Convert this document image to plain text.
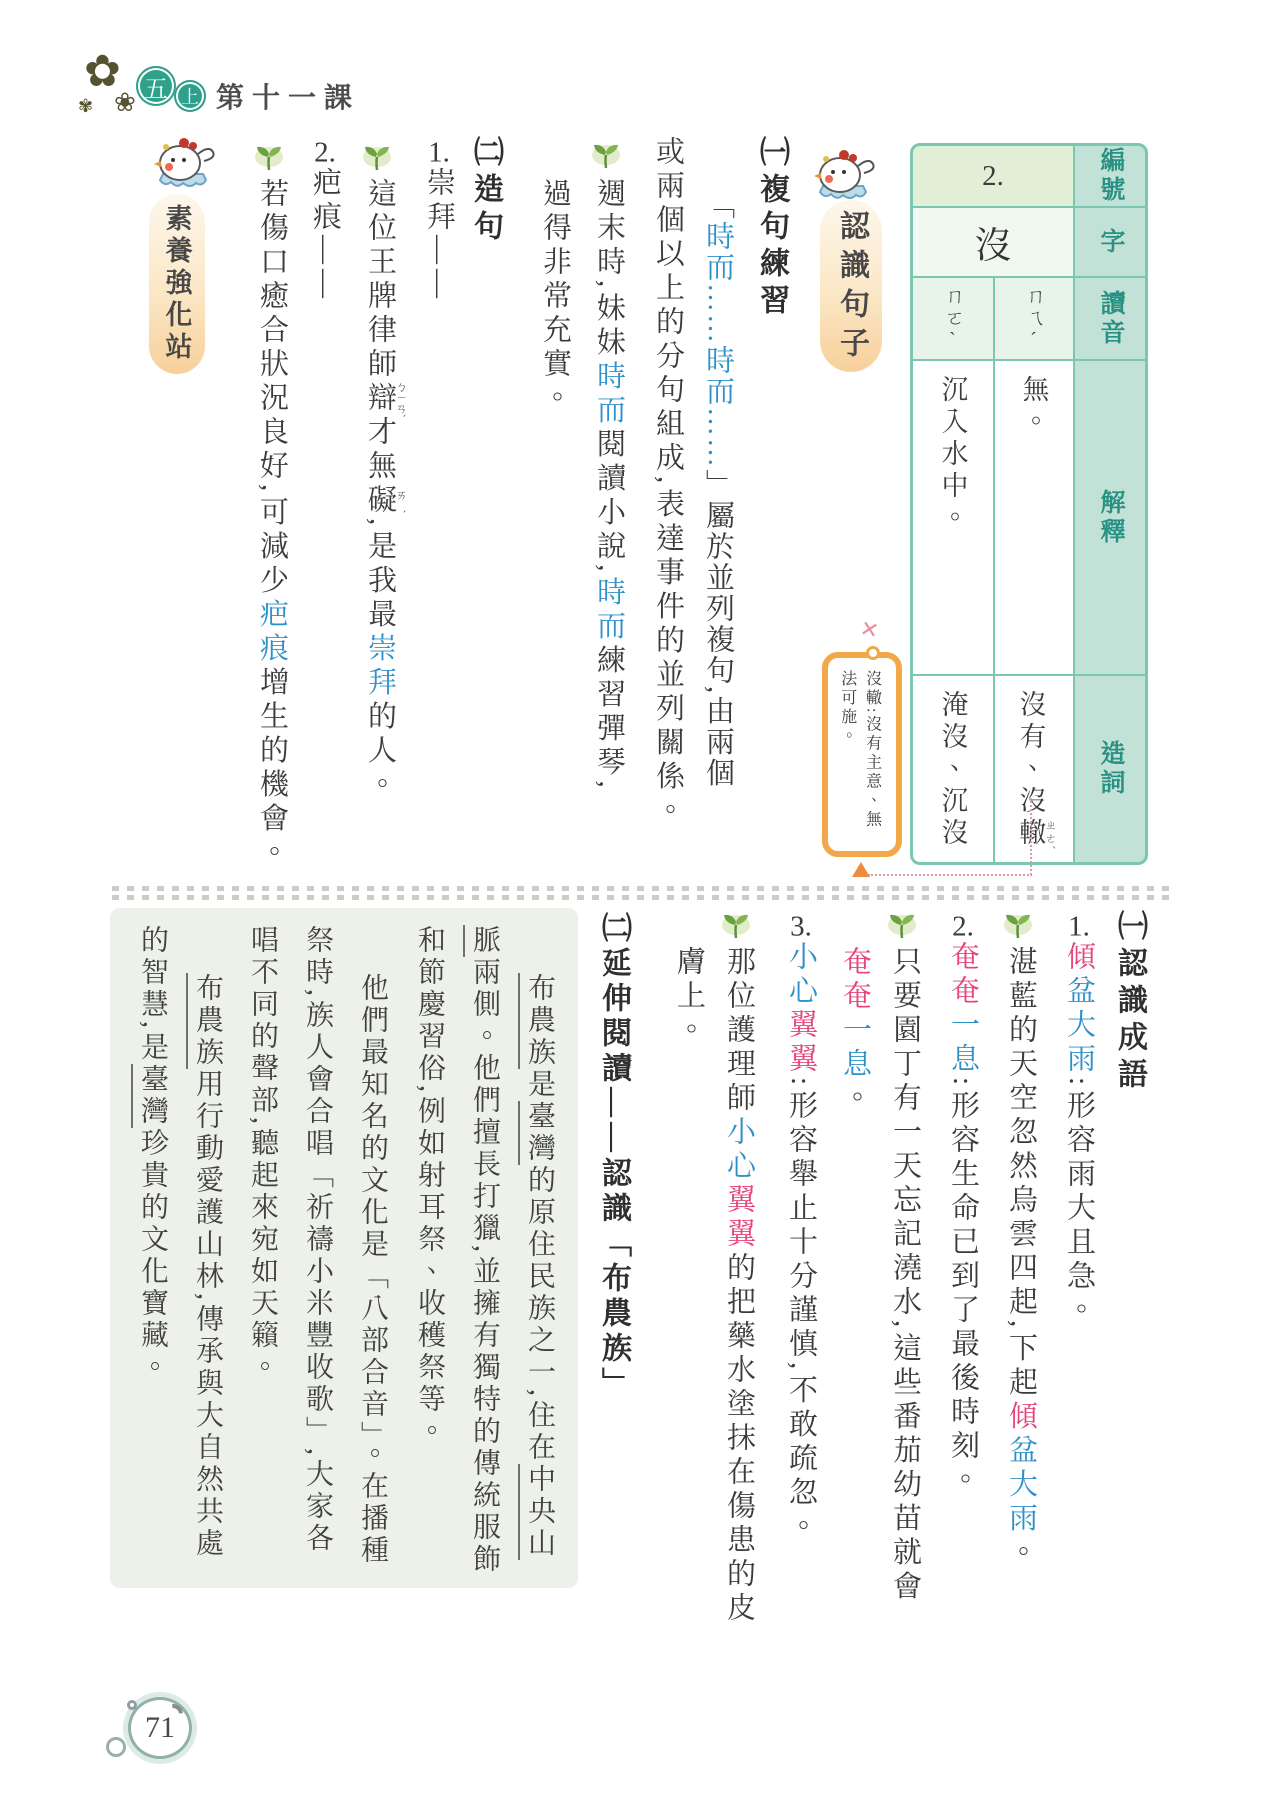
✿
✾ ❀ 五 上 第十一課
2.	編號
沒	字
ㄇㄛˋ	ㄇㄟˊ 讀音
沉入水中。 無。
解釋
淹沒、沉沒 沒有、沒轍ㄓㄜˊ
造詞
✕
沒轍:沒有主意、無法可施。
認識句子
㈠複句練習
「時而……時而……」屬於並列複句,由兩個
或兩個以上的分句組成,表達事件的並列關係。
週末時,妹妹時而閱讀小說,時而練習彈琴,
過得非常充實。
㈡造句
1.崇拜——
這位王牌律師辯ㄅㄧㄢˋ才無礙ㄞˋ,是我最崇拜的人。
2.疤痕——
若傷口癒合狀況良好,可減少疤痕增生的機會。
素養強化站
㈠認識成語
1.傾盆大雨:形容雨大且急。
湛藍的天空忽然烏雲四起,下起傾盆大雨。
2.奄奄一息:形容生命已到了最後時刻。
只要園丁有一天忘記澆水,這些番茄幼苗就會
奄奄一息。
3.小心翼翼:形容舉止十分謹慎,不敢疏忽。
那位護理師小心翼翼的把藥水塗抹在傷患的皮
膚上。
㈡延伸閱讀——認識「布農族」
布農族是臺灣的原住民族之一,住在中央山
脈兩側。他們擅長打獵,並擁有獨特的傳統服飾
和節慶習俗,例如射耳祭、收穫祭等。
他們最知名的文化是「八部合音」。在播種
祭時,族人會合唱「祈禱小米豐收歌」,大家各
唱不同的聲部,聽起來宛如天籟。
布農族用行動愛護山林,傳承與大自然共處
的智慧,是臺灣珍貴的文化寶藏。
71
